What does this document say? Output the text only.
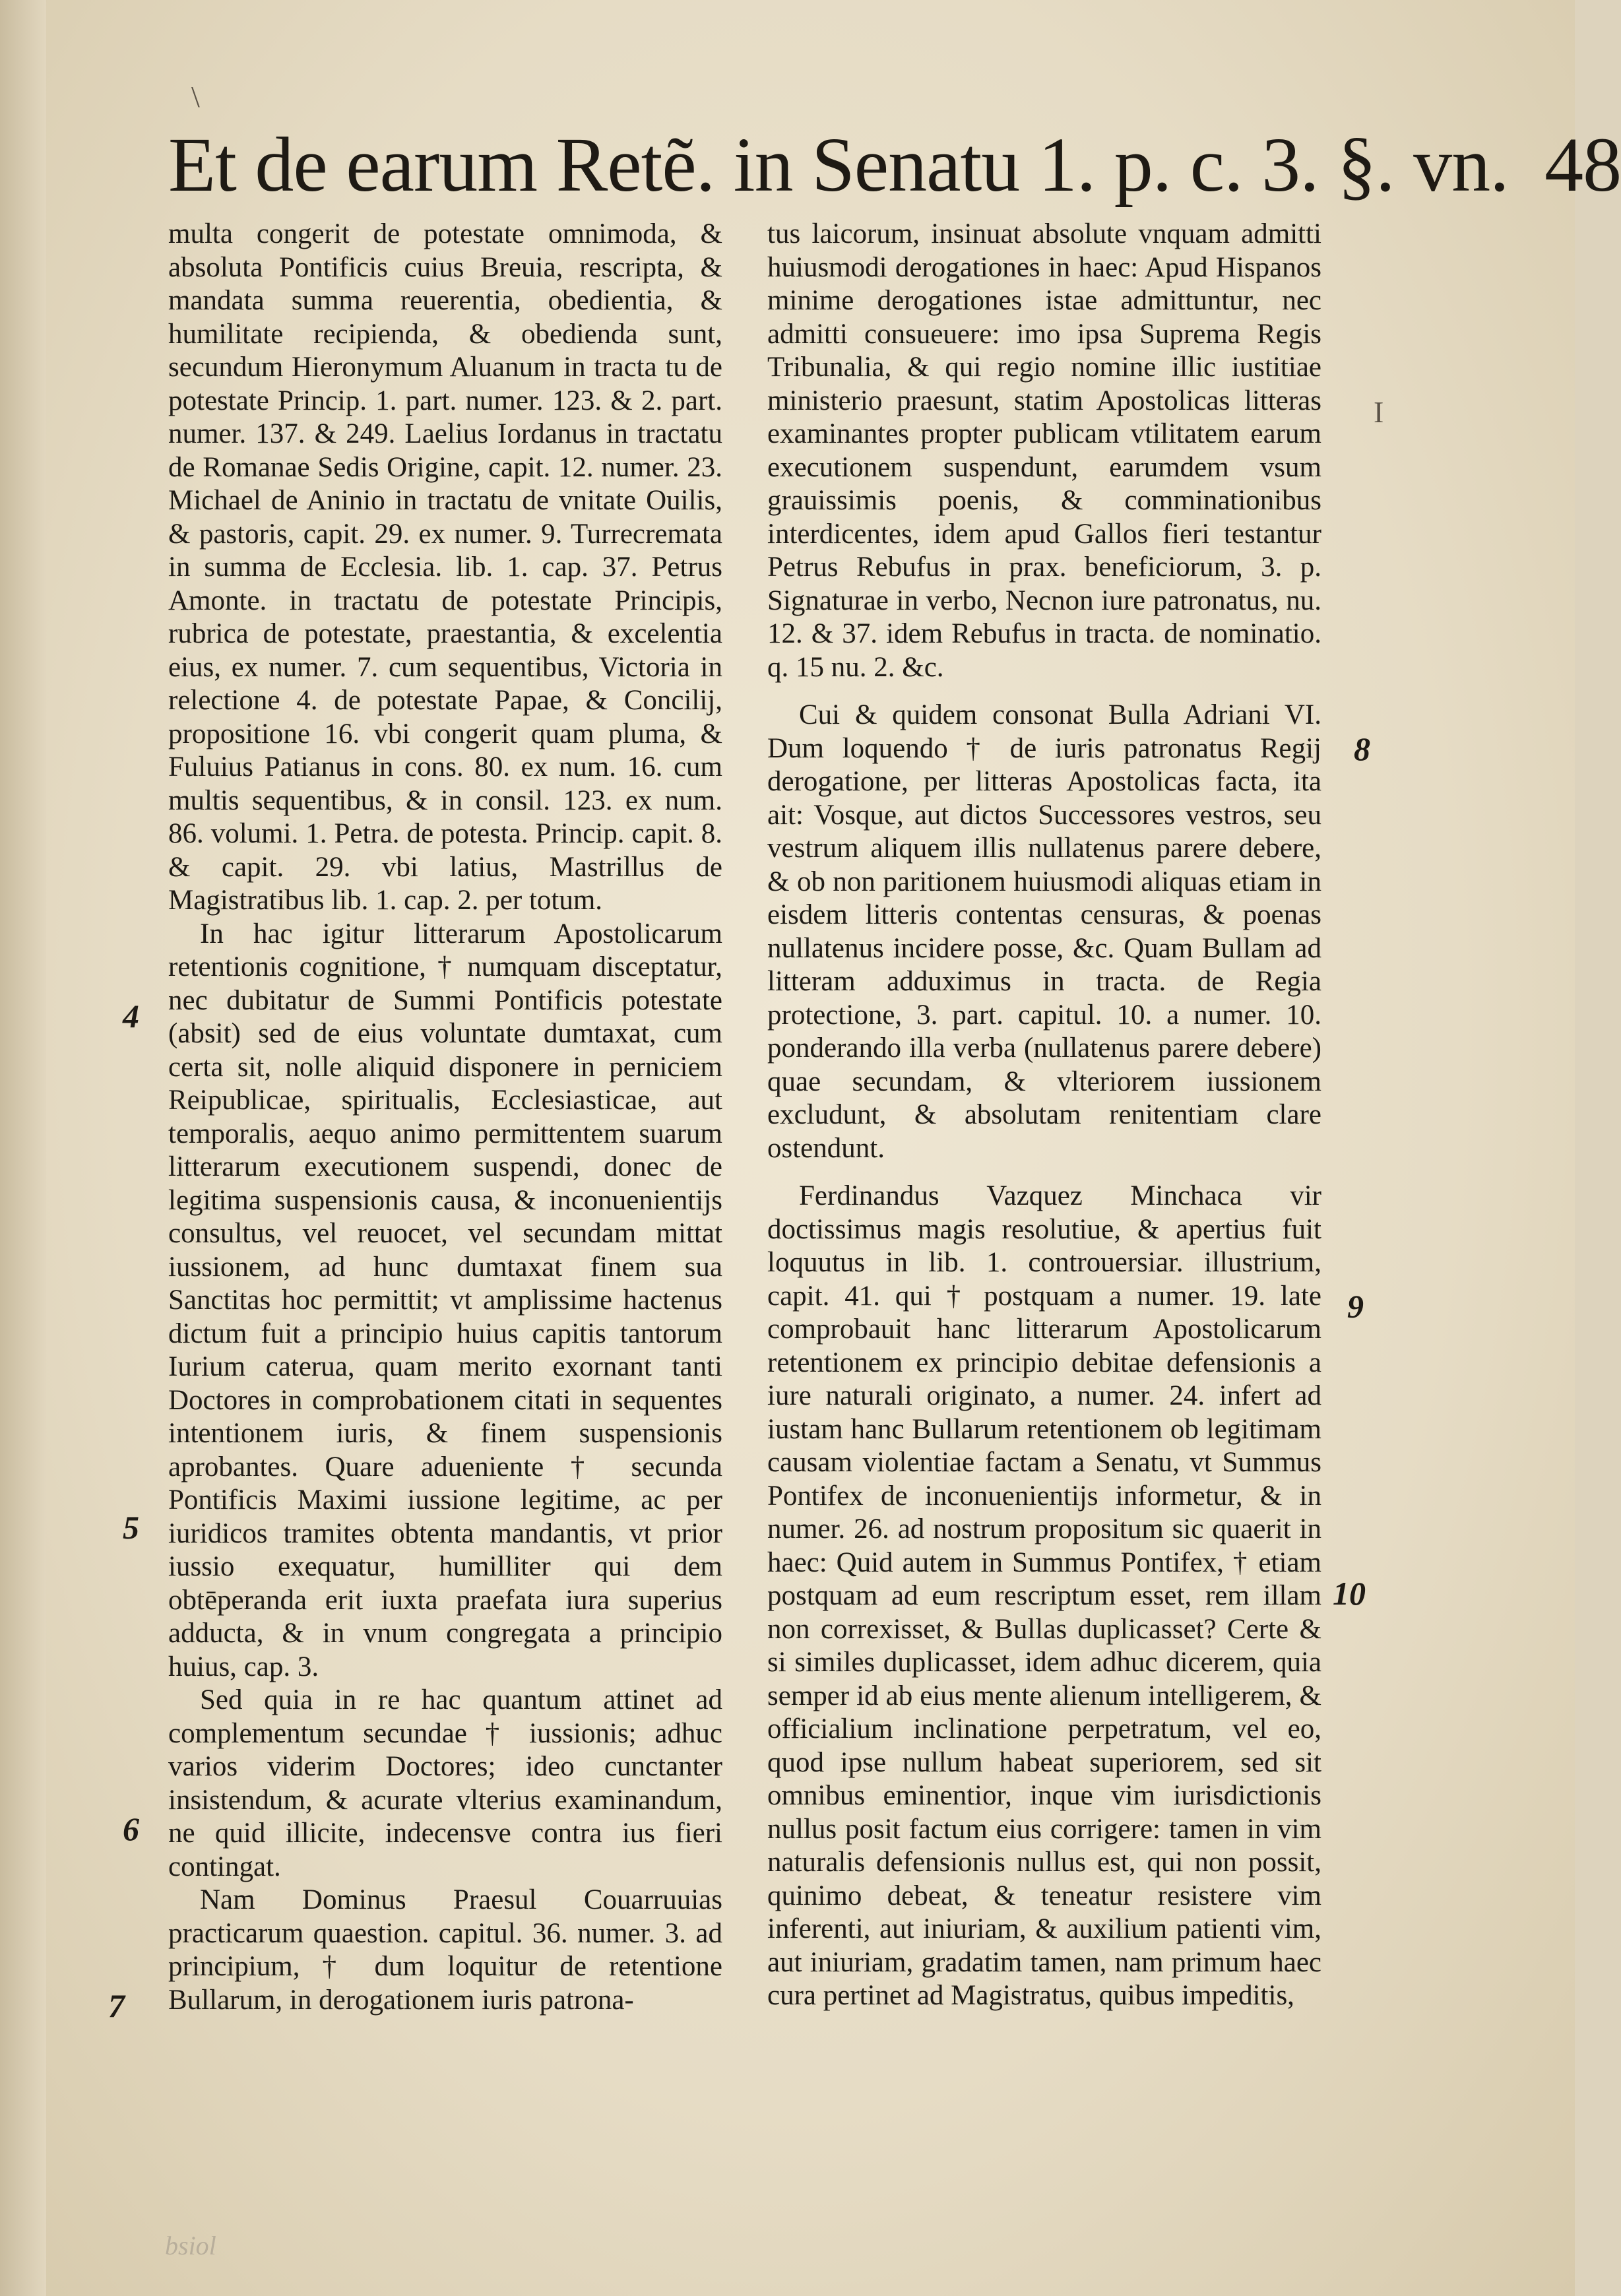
Et de earum Retẽ. in Senatu 1. p. c. 3. §. vn. 48
\
I

multa congerit de potestate omnimoda, & absoluta Pontificis cuius Breuia, rescripta, & mandata summa reuerentia, obedientia, & humilitate recipienda, & obedienda sunt, secundum Hieronymum Aluanum in tracta tu de potestate Princip. 1. part. numer. 123. & 2. part. numer. 137. & 249. Laelius Iordanus in tractatu de Romanae Sedis Origine, capit. 12. numer. 23. Michael de Aninio in tractatu de vnitate Ouilis, & pastoris, capit. 29. ex numer. 9. Turrecremata in summa de Ecclesia. lib. 1. cap. 37. Petrus Amonte. in tractatu de potestate Principis, rubrica de potestate, praestantia, & excelentia eius, ex numer. 7. cum sequentibus, Victoria in relectione 4. de potestate Papae, & Concilij, propositione 16. vbi congerit quam pluma, & Fuluius Patianus in cons. 80. ex num. 16. cum multis sequentibus, & in consil. 123. ex num. 86. volumi. 1. Petra. de potesta. Princip. capit. 8. & capit. 29. vbi latius, Mastrillus de Magistratibus lib. 1. cap. 2. per totum.

In hac igitur litterarum Apostolicarum retentionis cognitione, † numquam disceptatur, nec dubitatur de Summi Pontificis potestate (absit) sed de eius voluntate dumtaxat, cum certa sit, nolle aliquid disponere in perniciem Reipublicae, spiritualis, Ecclesiasticae, aut temporalis, aequo animo permittentem suarum litterarum executionem suspendi, donec de legitima suspensionis causa, & inconuenientijs consultus, vel reuocet, vel secundam mittat iussionem, ad hunc dumtaxat finem sua Sanctitas hoc permittit; vt amplissime hactenus dictum fuit a principio huius capitis tantorum Iurium caterua, quam merito exornant tanti Doctores in comprobationem citati in sequentes intentionem iuris, & finem suspensionis aprobantes. Quare adueniente † secunda Pontificis Maximi iussione legitime, ac per iuridicos tramites obtenta mandantis, vt prior iussio exequatur, humilliter qui dem obtēperanda erit iuxta praefata iura superius adducta, & in vnum congregata a principio huius, cap. 3.

Sed quia in re hac quantum attinet ad complementum secundae † iussionis; adhuc varios viderim Doctores; ideo cunctanter insistendum, & acurate vlterius examinandum, ne quid illicite, indecensve contra ius fieri contingat.

Nam Dominus Praesul Couarruuias practicarum quaestion. capitul. 36. numer. 3. ad principium, † dum loquitur de retentione Bullarum, in derogationem iuris patrona-

tus laicorum, insinuat absolute vnquam admitti huiusmodi derogationes in haec: Apud Hispanos minime derogationes istae admittuntur, nec admitti consueuere: imo ipsa Suprema Regis Tribunalia, & qui regio nomine illic iustitiae ministerio praesunt, statim Apostolicas litteras examinantes propter publicam vtilitatem earum executionem suspendunt, earumdem vsum grauissimis poenis, & comminationibus interdicentes, idem apud Gallos fieri testantur Petrus Rebufus in prax. beneficiorum, 3. p. Signaturae in verbo, Necnon iure patronatus, nu. 12. & 37. idem Rebufus in tracta. de nominatio. q. 15 nu. 2. &c.

Cui & quidem consonat Bulla Adriani VI. Dum loquendo † de iuris patronatus Regij derogatione, per litteras Apostolicas facta, ita ait: Vosque, aut dictos Successores vestros, seu vestrum aliquem illis nullatenus parere debere, & ob non paritionem huiusmodi aliquas etiam in eisdem litteris contentas censuras, & poenas nullatenus incidere posse, &c. Quam Bullam ad litteram adduximus in tracta. de Regia protectione, 3. part. capitul. 10. a numer. 10. ponderando illa verba (nullatenus parere debere) quae secundam, & vlteriorem iussionem excludunt, & absolutam renitentiam clare ostendunt.

Ferdinandus Vazquez Minchaca vir doctissimus magis resolutiue, & apertius fuit loquutus in lib. 1. controuersiar. illustrium, capit. 41. qui † postquam a numer. 19. late comprobauit hanc litterarum Apostolicarum retentionem ex principio debitae defensionis a iure naturali originato, a numer. 24. infert ad iustam hanc Bullarum retentionem ob legitimam causam violentiae factam a Senatu, vt Summus Pontifex de inconuenientijs informetur, & in numer. 26. ad nostrum propositum sic quaerit in haec: Quid autem in Summus Pontifex, † etiam postquam ad eum rescriptum esset, rem illam non correxisset, & Bullas duplicasset? Certe & si similes duplicasset, idem adhuc dicerem, quia semper id ab eius mente alienum intelligerem, & officialium inclinatione perpetratum, vel eo, quod ipse nullum habeat superiorem, sed sit omnibus eminentior, inque vim iurisdictionis nullus posit factum eius corrigere: tamen in vim naturalis defensionis nullus est, qui non possit, quinimo debeat, & teneatur resistere vim inferenti, aut iniuriam, & auxilium patienti vim, aut iniuriam, gradatim tamen, nam primum haec cura pertinet ad Magistratus, quibus impeditis,

4
5
6
7
8
9
10
bsiol
